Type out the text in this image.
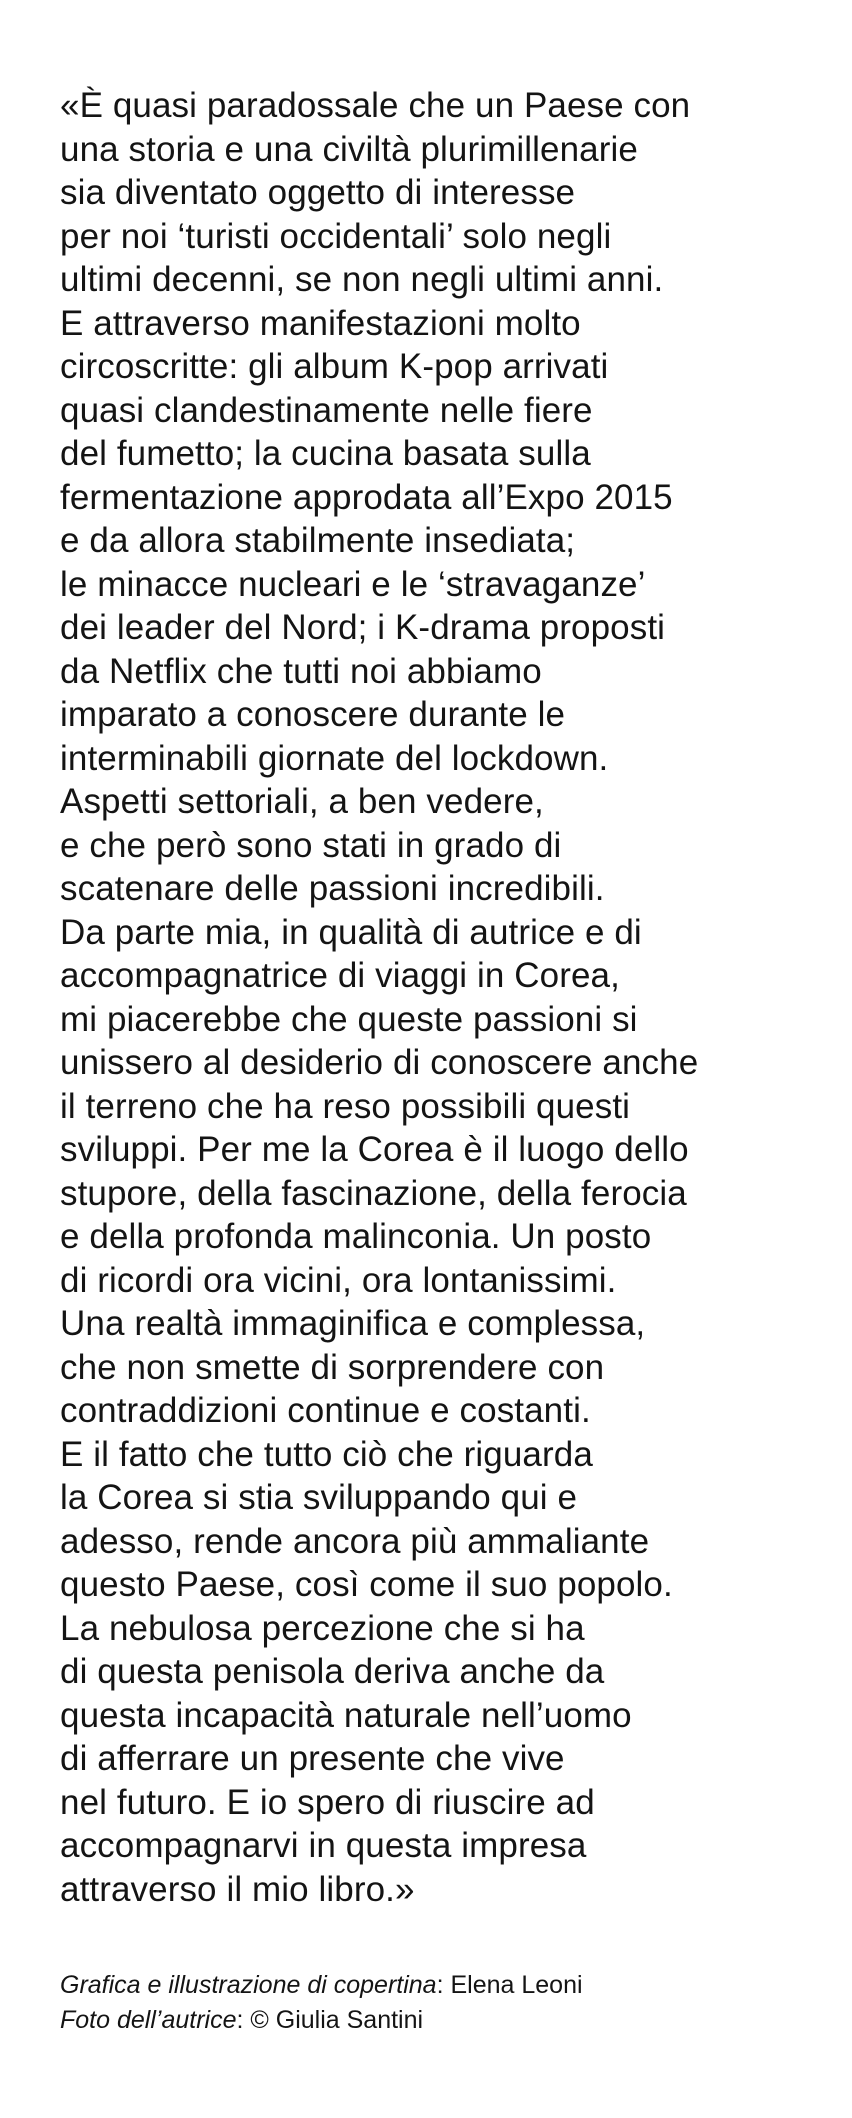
«È quasi paradossale che un Paese con
una storia e una civiltà plurimillenarie
sia diventato oggetto di interesse
per noi ‘turisti occidentali’ solo negli
ultimi decenni, se non negli ultimi anni.
E attraverso manifestazioni molto
circoscritte: gli album K-pop arrivati
quasi clandestinamente nelle fiere
del fumetto; la cucina basata sulla
fermentazione approdata all’Expo 2015
e da allora stabilmente insediata;
le minacce nucleari e le ‘stravaganze’
dei leader del Nord; i K-drama proposti
da Netflix che tutti noi abbiamo
imparato a conoscere durante le
interminabili giornate del lockdown.
Aspetti settoriali, a ben vedere,
e che però sono stati in grado di
scatenare delle passioni incredibili.
Da parte mia, in qualità di autrice e di
accompagnatrice di viaggi in Corea,
mi piacerebbe che queste passioni si
unissero al desiderio di conoscere anche
il terreno che ha reso possibili questi
sviluppi. Per me la Corea è il luogo dello
stupore, della fascinazione, della ferocia
e della profonda malinconia. Un posto
di ricordi ora vicini, ora lontanissimi.
Una realtà immaginifica e complessa,
che non smette di sorprendere con
contraddizioni continue e costanti.
E il fatto che tutto ciò che riguarda
la Corea si stia sviluppando qui e
adesso, rende ancora più ammaliante
questo Paese, così come il suo popolo.
La nebulosa percezione che si ha
di questa penisola deriva anche da
questa incapacità naturale nell’uomo
di afferrare un presente che vive
nel futuro. E io spero di riuscire ad
accompagnarvi in questa impresa
attraverso il mio libro.»

Grafica e illustrazione di copertina: Elena Leoni
Foto dell’autrice: © Giulia Santini
